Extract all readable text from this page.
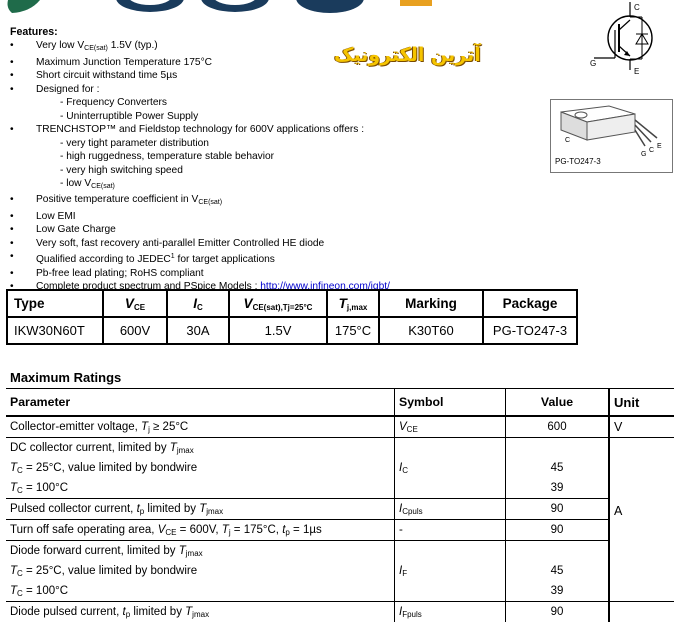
Features:
• Very low VCE(sat) 1.5V (typ.)
• Maximum Junction Temperature 175°C
• Short circuit withstand time 5µs
• Designed for :
- Frequency Converters
- Uninterruptible Power Supply
• TRENCHSTOP™ and Fieldstop technology for 600V applications offers :
- very tight parameter distribution
- high ruggedness, temperature stable behavior
- very high switching speed
- low VCE(sat)
• Positive temperature coefficient in VCE(sat)
• Low EMI
• Low Gate Charge
• Very soft, fast recovery anti-parallel Emitter Controlled HE diode
• Qualified according to JEDEC$^1$ for target applications
• Pb-free lead plating; RoHS compliant
• Complete product spectrum and PSpice Models : http://www.infineon.com/igbt/
آترین الکترونیک
C
G
E
C
G
C
E
PG-TO247-3
Type	VCE	IC	VCE(sat),Tj=25°C	Tj,max	Marking	Package
IKW30N60T	600V	30A	1.5V	175°C	K30T60	PG-TO247-3
Maximum Ratings
Parameter	Symbol	Value	Unit
Collector-emitter voltage, Tj ≥ 25°C	VCE	600	V
DC collector current, limited by Tjmax	IC		A
TC = 25°C, value limited by bondwire		45	
TC = 100°C		39	
Pulsed collector current, tp limited by Tjmax	ICpuls	90	
Turn off safe operating area, VCE = 600V, Tj = 175°C, tp = 1µs	-	90	
Diode forward current, limited by Tjmax	IF		
TC = 25°C, value limited by bondwire		45	
TC = 100°C		39	
Diode pulsed current, tp limited by Tjmax	IFpuls	90	
